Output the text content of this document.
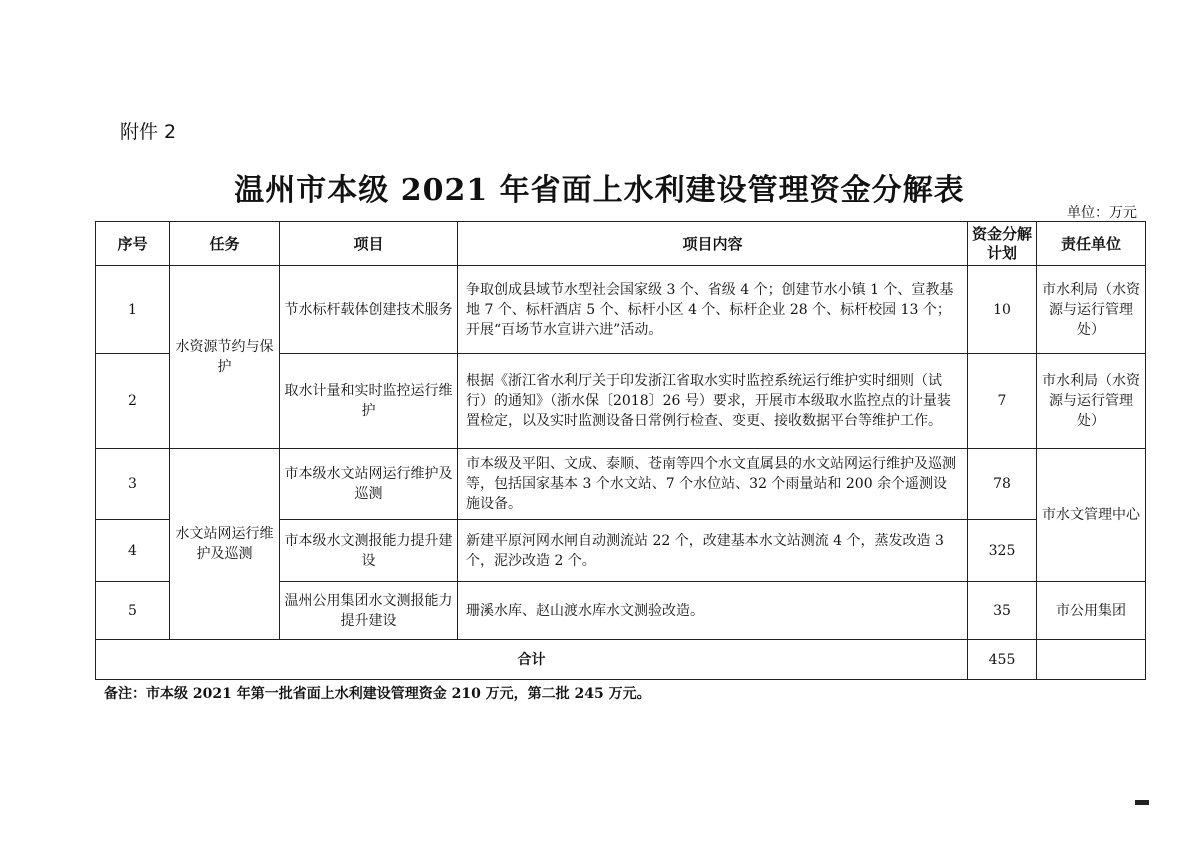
附件 2
温州市本级 2021 年省面上水利建设管理资金分解表
单位：万元
序号	任务	项目	项目内容	资金分解计划	责任单位
1	水资源节约与保护	节水标杆载体创建技术服务	争取创成县域节水型社会国家级 3 个、省级 4 个；创建节水小镇 1 个、宣教基地 7 个、标杆酒店 5 个、标杆小区 4 个、标杆企业 28 个、标杆校园 13 个；开展“百场节水宣讲六进”活动。	10	市水利局（水资源与运行管理处）
2		取水计量和实时监控运行维护	根据《浙江省水利厅关于印发浙江省取水实时监控系统运行维护实时细则（试行）的通知》（浙水保〔2018〕26 号）要求，开展市本级取水监控点的计量装置检定，以及实时监测设备日常例行检查、变更、接收数据平台等维护工作。	7	市水利局（水资源与运行管理处）
3	水文站网运行维护及巡测	市本级水文站网运行维护及巡测	市本级及平阳、文成、泰顺、苍南等四个水文直属县的水文站网运行维护及巡测等，包括国家基本 3 个水文站、7 个水位站、32 个雨量站和 200 余个遥测设施设备。	78	市水文管理中心
4		市本级水文测报能力提升建设	新建平原河网水闸自动测流站 22 个，改建基本水文站测流 4 个，蒸发改造 3 个，泥沙改造 2 个。	325	
5		温州公用集团水文测报能力提升建设	珊溪水库、赵山渡水库水文测验改造。	35	市公用集团
合计				455	
备注：市本级 2021 年第一批省面上水利建设管理资金 210 万元，第二批 245 万元。
